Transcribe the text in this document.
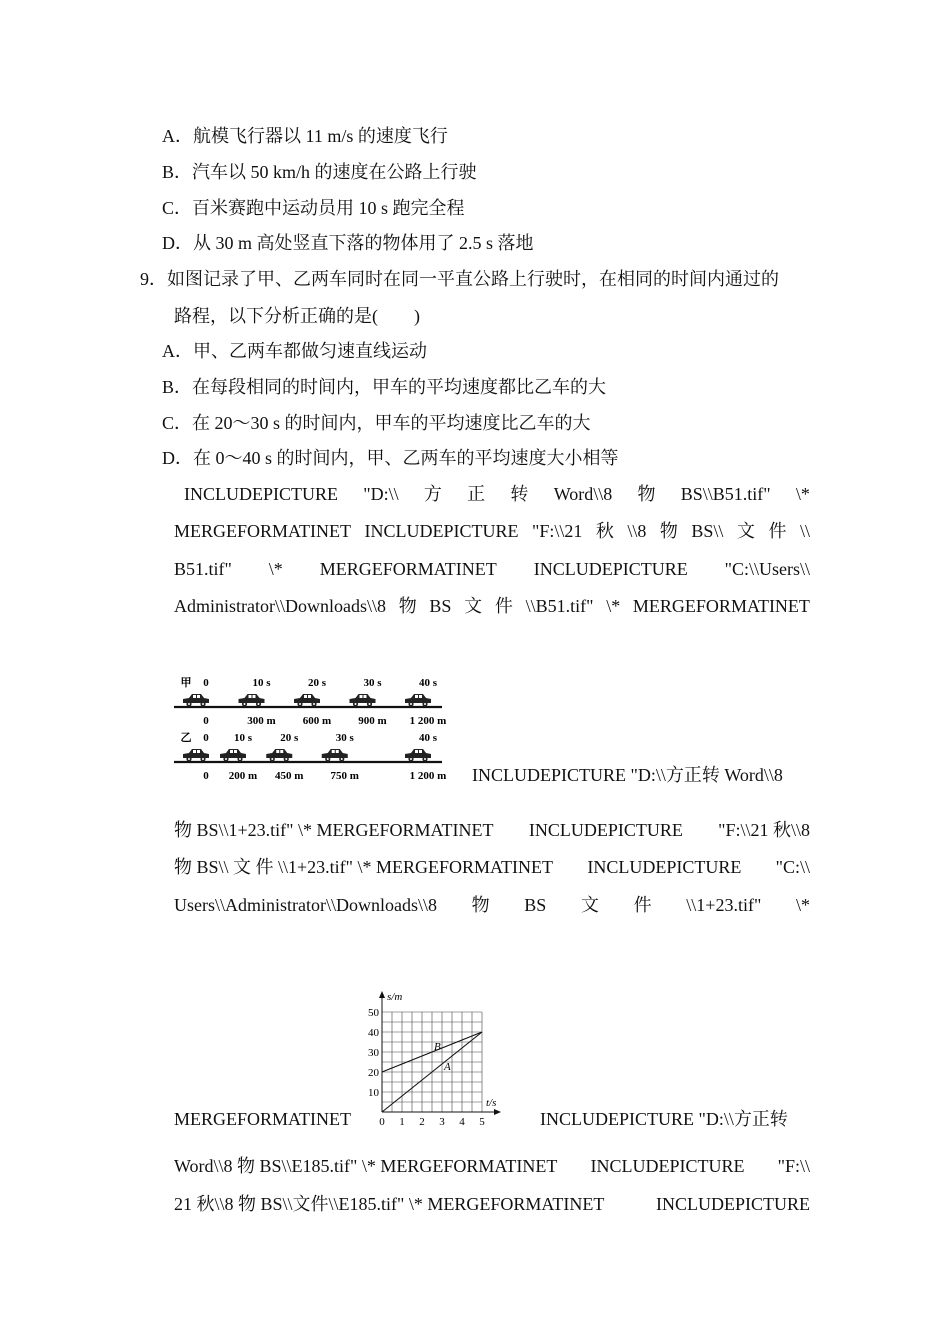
A．航模飞行器以 11 m/s 的速度飞行
B．汽车以 50 km/h 的速度在公路上行驶
C．百米赛跑中运动员用 10 s 跑完全程
D．从 30 m 高处竖直下落的物体用了 2.5 s 落地
9．如图记录了甲、乙两车同时在同一平直公路上行驶时，在相同的时间内通过的
路程，以下分析正确的是(　　)
A．甲、乙两车都做匀速直线运动
B．在每段相同的时间内，甲车的平均速度都比乙车的大
C．在 20～30 s 的时间内，甲车的平均速度比乙车的大
D．在 0～40 s 的时间内，甲、乙两车的平均速度大小相等
INCLUDEPICTURE "D:\\ 方 正 转 Word\\8 物 BS\\B51.tif" \*
MERGEFORMATINET INCLUDEPICTURE "F:\\21 秋 \\8 物 BS\\ 文 件 \\
B51.tif" \* MERGEFORMATINET INCLUDEPICTURE "C:\\Users\\
Administrator\\Downloads\\8 物 BS 文 件 \\B51.tif" \* MERGEFORMATINET
甲 0
0
10 s
300 m
20 s
600 m
30 s
900 m
40 s
1 200 m
乙 0
0
10 s
200 m
20 s
450 m
30 s
750 m
40 s
1 200 m INCLUDEPICTURE "D:\\方正转 Word\\8
物 BS\\1+23.tif" \* MERGEFORMATINET INCLUDEPICTURE "F:\\21 秋\\8
物 BS\\ 文 件 \\1+23.tif" \* MERGEFORMATINET INCLUDEPICTURE "C:\\
Users\\Administrator\\Downloads\\8 物 BS 文 件 \\1+23.tif" \*
s/m
t/s
0 1 2 3 4 5
10
20
30
40
50
A
B
MERGEFORMATINET	INCLUDEPICTURE "D:\\方正转
Word\\8 物 BS\\E185.tif" \* MERGEFORMATINET INCLUDEPICTURE "F:\\
21 秋\\8 物 BS\\文件\\E185.tif" \* MERGEFORMATINET	INCLUDEPICTURE
